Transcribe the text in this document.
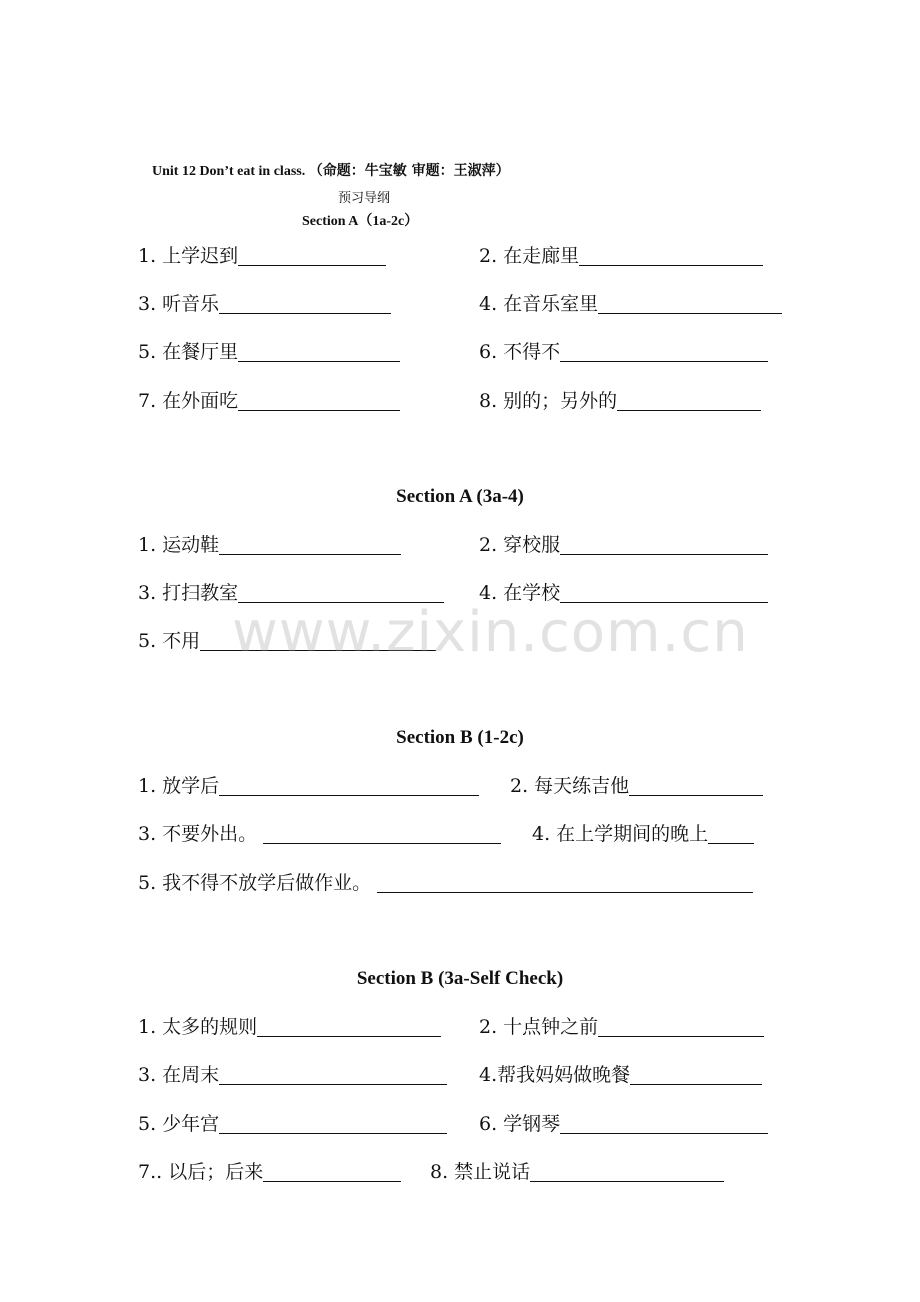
Unit 12 Don’t eat in class. （命题：牛宝敏 审题：王淑萍）
预习导纲
Section A（1a-2c）
1. 上学迟到	2. 在走廊里
3. 听音乐	4. 在音乐室里
5. 在餐厅里	6. 不得不
7. 在外面吃	8. 别的；另外的
Section A (3a-4)
1. 运动鞋	2. 穿校服
3. 打扫教室	4. 在学校
5. 不用 www.zixin.com.cn
Section B (1-2c)
1. 放学后	2. 每天练吉他
3. 不要外出。	4. 在上学期间的晚上
5. 我不得不放学后做作业。
Section B (3a-Self Check)
1. 太多的规则	2. 十点钟之前
3. 在周末	4.帮我妈妈做晚餐
5. 少年宫	6. 学钢琴
7.. 以后；后来	8. 禁止说话
